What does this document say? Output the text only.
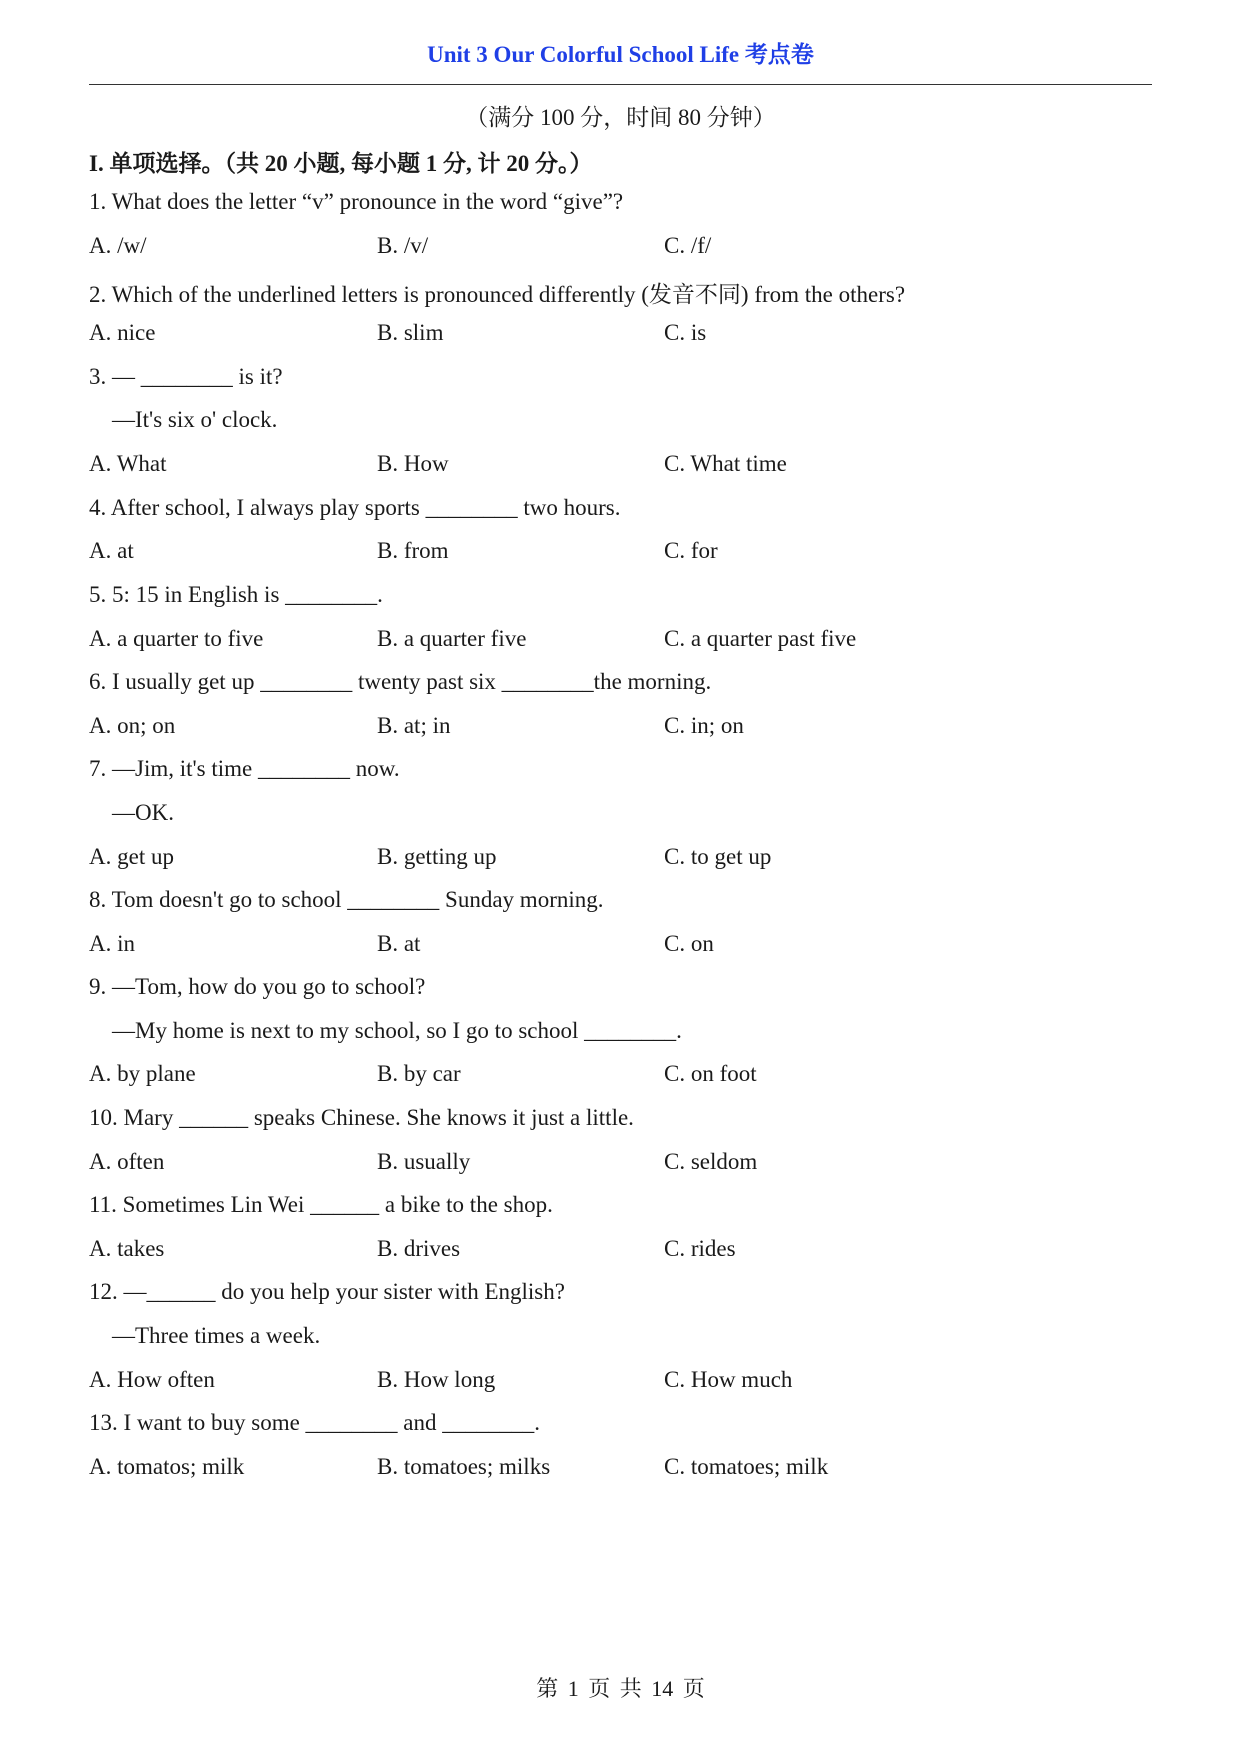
Unit 3 Our Colorful School Life 考点卷
（满分 100 分，时间 80 分钟）
I. 单项选择。（共 20 小题, 每小题 1 分, 计 20 分。）
1. What does the letter “v” pronounce in the word “give”?
A. /w/	B. /v/	C. /f/
2. Which of the underlined letters is pronounced differently (发音不同) from the others?
A. nice	B. slim	C. is
3. — ________ is it?
—It's six o' clock.
A. What	B. How	C. What time
4. After school, I always play sports ________ two hours.
A. at	B. from	C. for
5. 5: 15 in English is ________.
A. a quarter to five	B. a quarter five	C. a quarter past five
6. I usually get up ________ twenty past six ________the morning.
A. on; on	B. at; in	C. in; on
7. —Jim, it's time ________ now.
—OK.
A. get up	B. getting up	C. to get up
8. Tom doesn't go to school ________ Sunday morning.
A. in	B. at	C. on
9. —Tom, how do you go to school?
—My home is next to my school, so I go to school ________.
A. by plane	B. by car	C. on foot
10. Mary ______ speaks Chinese. She knows it just a little.
A. often	B. usually	C. seldom
11. Sometimes Lin Wei ______ a bike to the shop.
A. takes	B. drives	C. rides
12. —______ do you help your sister with English?
—Three times a week.
A. How often	B. How long	C. How much
13. I want to buy some ________ and ________.
A. tomatos; milk	B. tomatoes; milks	C. tomatoes; milk
第 1 页 共 14 页
